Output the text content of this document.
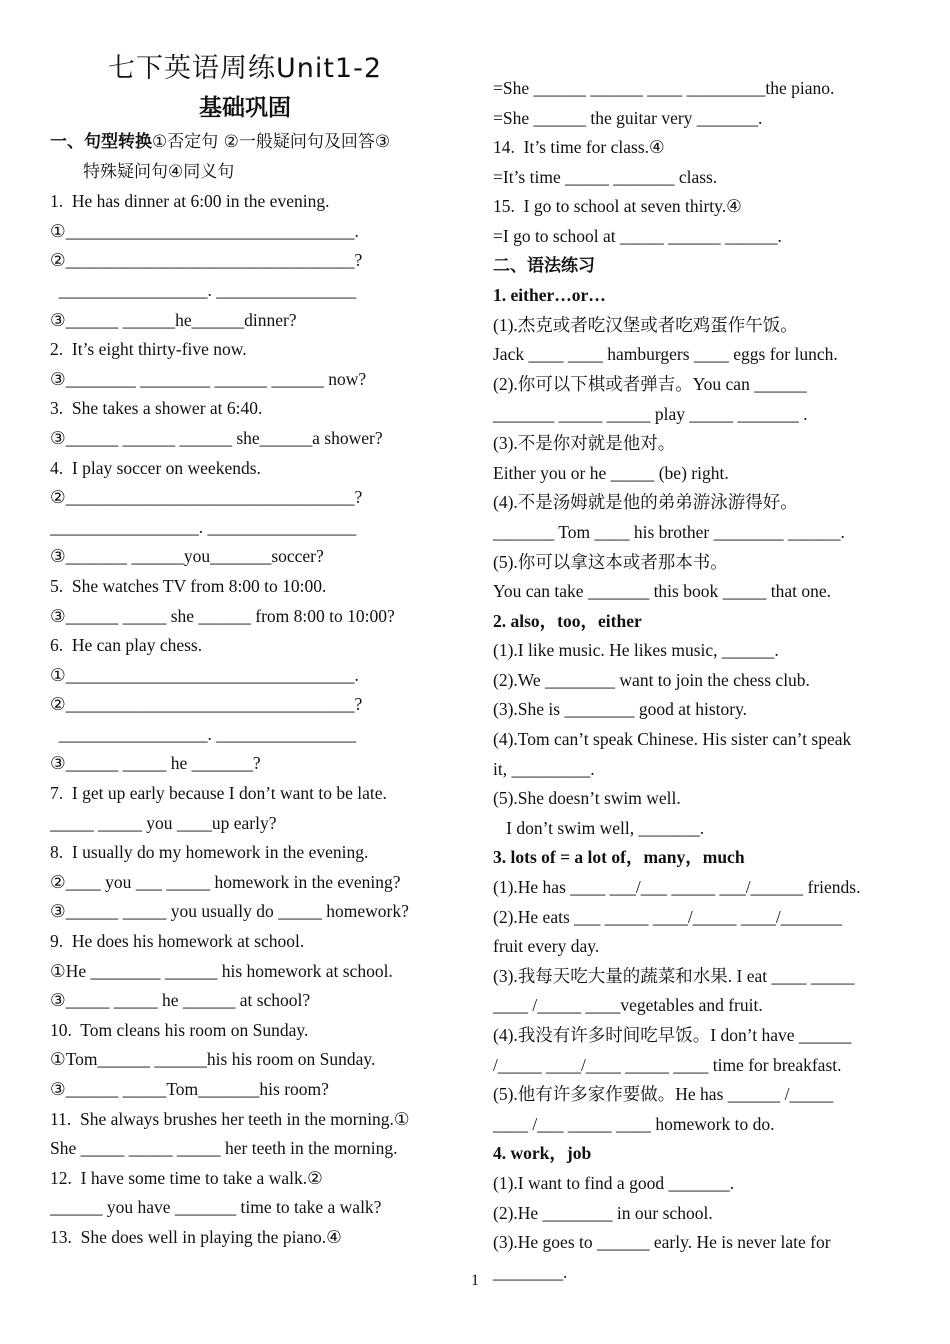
七下英语周练Unit1-2
基础巩固
一、句型转换①否定句 ②一般疑问句及回答③
特殊疑问句④同义句
1.  He has dinner at 6:00 in the evening.
①_________________________________.
②_________________________________?
_________________. ________________
③______ ______he______dinner?
2.  It’s eight thirty-five now.
③________ ________ ______ ______ now?
3.  She takes a shower at 6:40.
③______ ______ ______ she______a shower?
4.  I play soccer on weekends.
②_________________________________?
_________________. _________________
③_______ ______you_______soccer?
5.  She watches TV from 8:00 to 10:00.
③______ _____ she ______ from 8:00 to 10:00?
6.  He can play chess.
①_________________________________.
②_________________________________?
_________________. ________________
③______ _____ he _______?
7.  I get up early because I don’t want to be late.
_____ _____ you ____up early?
8.  I usually do my homework in the evening.
②____ you ___ _____ homework in the evening?
③______ _____ you usually do _____ homework?
9.  He does his homework at school.
①He ________ ______ his homework at school.
③_____ _____ he ______ at school?
10.  Tom cleans his room on Sunday.
①Tom______ ______his his room on Sunday.
③______ _____Tom_______his room?
11.  She always brushes her teeth in the morning.①
She _____ _____ _____ her teeth in the morning.
12.  I have some time to take a walk.②
______ you have _______ time to take a walk?
13.  She does well in playing the piano.④
=She ______ ______ ____ _________the piano.
=She ______ the guitar very _______.
14.  It’s time for class.④
=It’s time _____ _______ class.
15.  I go to school at seven thirty.④
=I go to school at _____ ______ ______.
二、语法练习
1. either…or…
(1).杰克或者吃汉堡或者吃鸡蛋作午饭。
Jack ____ ____ hamburgers ____ eggs for lunch.
(2).你可以下棋或者弹吉。You can ______
_______ _____ _____ play _____ _______ .
(3).不是你对就是他对。
Either you or he _____ (be) right.
(4).不是汤姆就是他的弟弟游泳游得好。
_______ Tom ____ his brother ________ ______.
(5).你可以拿这本或者那本书。
You can take _______ this book _____ that one.
2. also，too，either
(1).I like music. He likes music, ______.
(2).We ________ want to join the chess club.
(3).She is ________ good at history.
(4).Tom can’t speak Chinese. His sister can’t speak
it, _________.
(5).She doesn’t swim well.
I don’t swim well, _______.
3. lots of = a lot of，many，much
(1).He has ____ ___/___ _____ ___/______ friends.
(2).He eats ___ _____ ____/_____ ____/_______
fruit every day.
(3).我每天吃大量的蔬菜和水果. I eat ____ _____
____ /_____ ____vegetables and fruit.
(4).我没有许多时间吃早饭。I don’t have ______
/_____ ____/____ _____ ____ time for breakfast.
(5).他有许多家作要做。He has ______ /_____
____ /___ _____ ____ homework to do.
4. work，job
(1).I want to find a good _______.
(2).He ________ in our school.
(3).He goes to ______ early. He is never late for
________.
1
